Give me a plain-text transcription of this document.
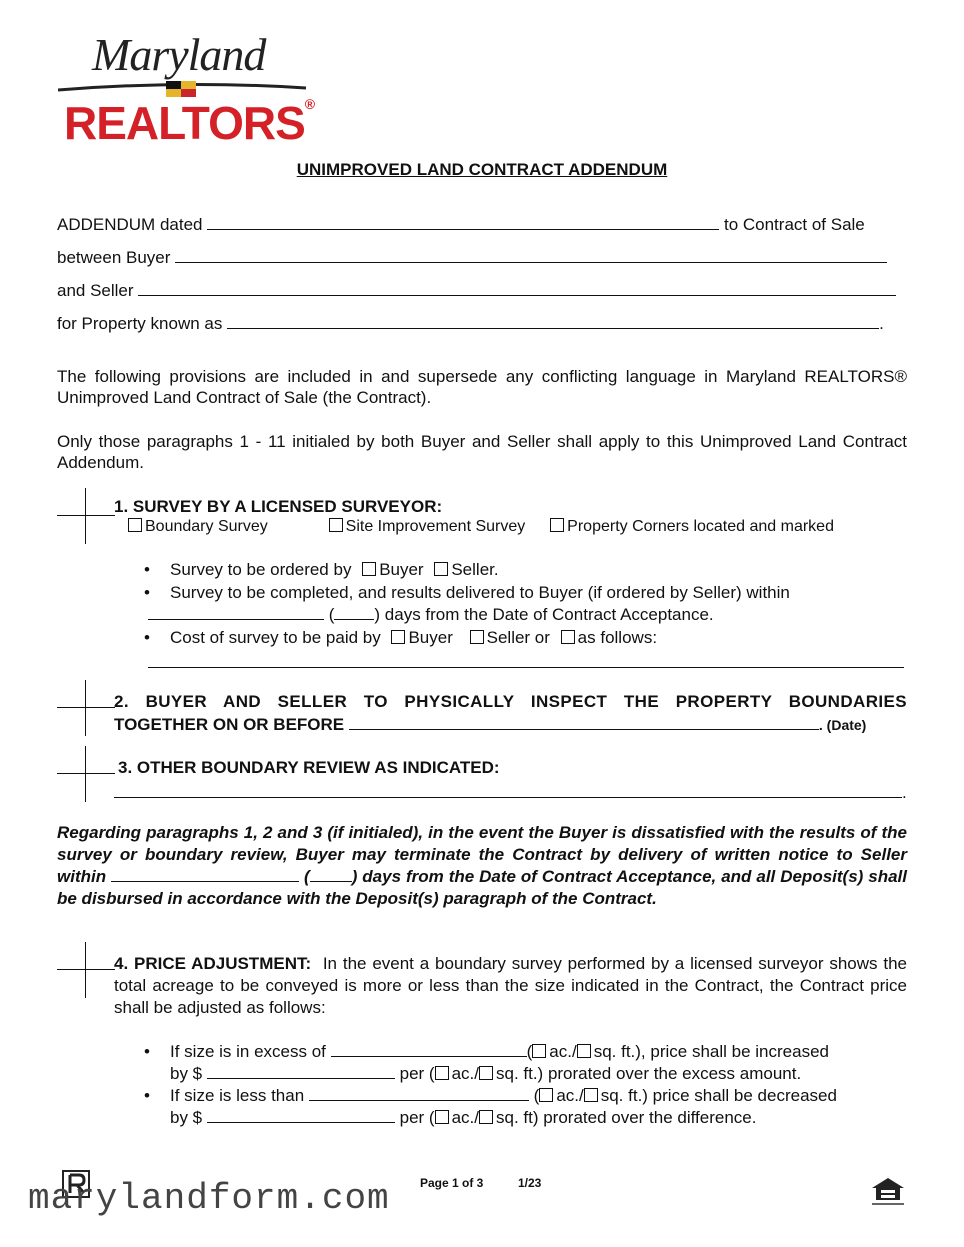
Maryland
REALTORS®
UNIMPROVED LAND CONTRACT ADDENDUM
ADDENDUM dated	to Contract of Sale
between Buyer
and Seller
for Property known as	.
The following provisions are included in and supersede any conflicting language in Maryland REALTORS® Unimproved Land Contract of Sale (the Contract).
Only those paragraphs 1 - 11 initialed by both Buyer and Seller shall apply to this Unimproved Land Contract Addendum.
1. SURVEY BY A LICENSED SURVEYOR:
Boundary Survey	Site Improvement Survey	Property Corners located and marked
• Survey to be ordered by Buyer Seller.
• Survey to be completed, and results delivered to Buyer (if ordered by Seller) within
( ) days from the Date of Contract Acceptance.
• Cost of survey to be paid by Buyer Seller or as follows:
2. BUYER AND SELLER TO PHYSICALLY INSPECT THE PROPERTY BOUNDARIES
TOGETHER ON OR BEFORE	. (Date)
3. OTHER BOUNDARY REVIEW AS INDICATED:
.
Regarding paragraphs 1, 2 and 3 (if initialed), in the event the Buyer is dissatisfied with the results of the survey or boundary review, Buyer may terminate the Contract by delivery of written notice to Seller within	( ) days from the Date of Contract Acceptance, and all Deposit(s) shall be disbursed in accordance with the Deposit(s) paragraph of the Contract.
4. PRICE ADJUSTMENT: In the event a boundary survey performed by a licensed surveyor shows the total acreage to be conveyed is more or less than the size indicated in the Contract, the Contract price shall be adjusted as follows:
• If size is in excess of	( ac./ sq. ft.), price shall be increased
by $	per ( ac./ sq. ft.) prorated over the excess amount.
• If size is less than	( ac./ sq. ft.) price shall be decreased
by $	per ( ac./ sq. ft) prorated over the difference.
marylandform.com	Page 1 of 3	1/23
